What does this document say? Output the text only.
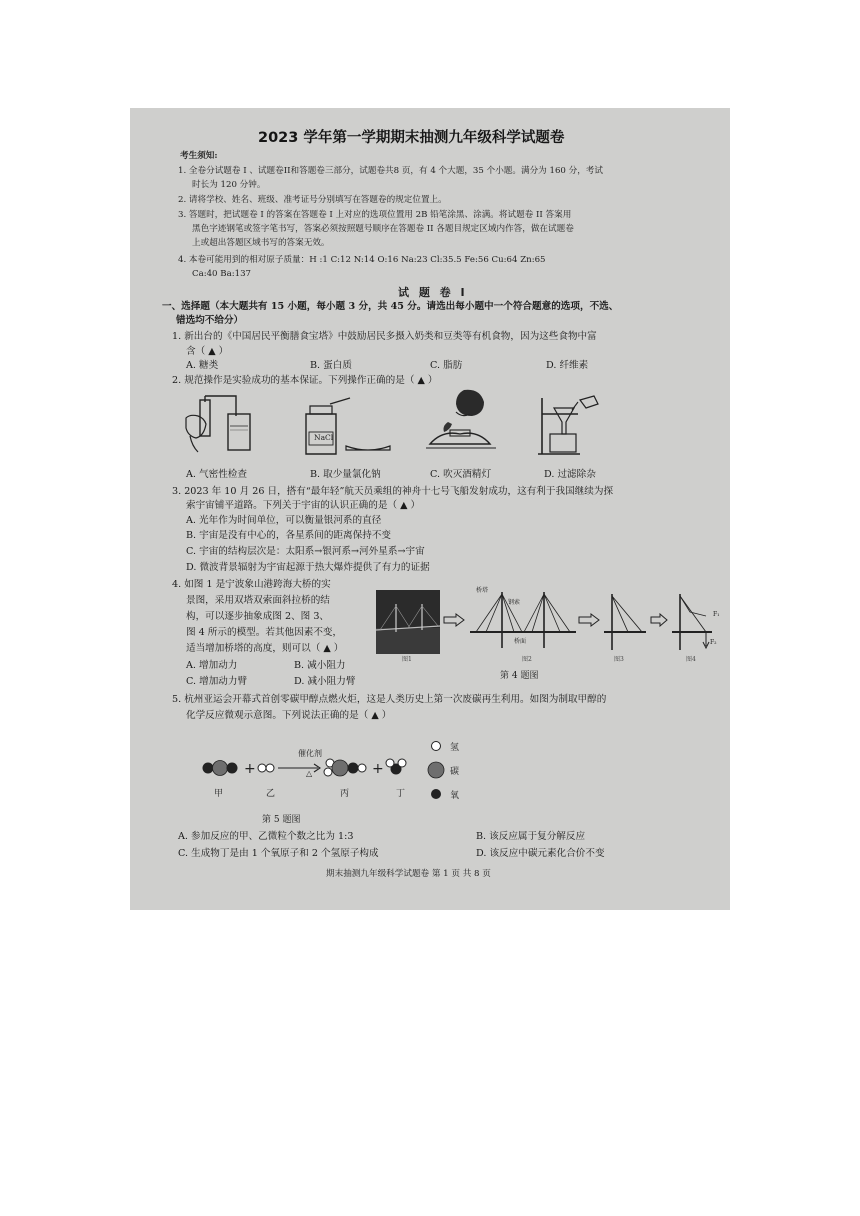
2023 学年第一学期期末抽测九年级科学试题卷
考生须知:
1. 全卷分试题卷 I 、试题卷II和答题卷三部分，试题卷共8 页，有 4 个大题，35 个小题。满分为 160 分，考试
时长为 120 分钟。
2. 请将学校、姓名、班级、准考证号分别填写在答题卷的规定位置上。
3. 答题时，把试题卷 I 的答案在答题卷 I 上对应的选项位置用 2B 铅笔涂黑、涂满。将试题卷 II 答案用
黑色字迹钢笔或签字笔书写，答案必须按照题号顺序在答题卷 II 各题目规定区域内作答，做在试题卷
上或超出答题区域书写的答案无效。
4. 本卷可能用到的相对原子质量：H :1 C:12 N:14 O:16 Na:23 Cl:35.5 Fe:56 Cu:64 Zn:65
Ca:40 Ba:137
试 题 卷 I
一、选择题（本大题共有 15 小题，每小题 3 分，共 45 分。请选出每小题中一个符合题意的选项，不选、
错选均不给分）
1. 新出台的《中国居民平衡膳食宝塔》中鼓励居民多摄入奶类和豆类等有机食物，因为这些食物中富
含（ ▲ ）
A. 糖类	B. 蛋白质	C. 脂肪	D. 纤维素
2. 规范操作是实验成功的基本保证。下列操作正确的是（ ▲ ）
NaCl
A. 气密性检查	B. 取少量氯化钠	C. 吹灭酒精灯	D. 过滤除杂
3. 2023 年 10 月 26 日，搭有“最年轻”航天员乘组的神舟十七号飞船发射成功，这有利于我国继续为探
索宇宙铺平道路。下列关于宇宙的认识正确的是（ ▲ ）
A. 光年作为时间单位，可以衡量银河系的直径
B. 宇宙是没有中心的，各星系间的距离保持不变
C. 宇宙的结构层次是：太阳系→银河系→河外星系→宇宙
D. 微波背景辐射为宇宙起源于热大爆炸提供了有力的证据
4. 如图 1 是宁波象山港跨海大桥的实
景图，采用双塔双索面斜拉桥的结
构，可以逐步抽象成图 2、图 3、
图 4 所示的模型。若其他因素不变，
适当增加桥塔的高度，则可以（ ▲ ）
A. 增加动力	B. 减小阻力
C. 增加动力臂	D. 减小阻力臂
图1
桥塔
钢索
桥面
图2	图3
F₁
F₂
图4
第 4 题图
5. 杭州亚运会开幕式首创零碳甲醇点燃火炬，这是人类历史上第一次废碳再生利用。如图为制取甲醇的
化学反应微观示意图。下列说法正确的是（ ▲ ）
+	+
催化剂
△
甲	乙	丙	丁
氢
碳
氧
第 5 题图
A. 参加反应的甲、乙微粒个数之比为 1:3	B. 该反应属于复分解反应
C. 生成物丁是由 1 个氧原子和 2 个氢原子构成	D. 该反应中碳元素化合价不变
期末抽测九年级科学试题卷 第 1 页 共 8 页
